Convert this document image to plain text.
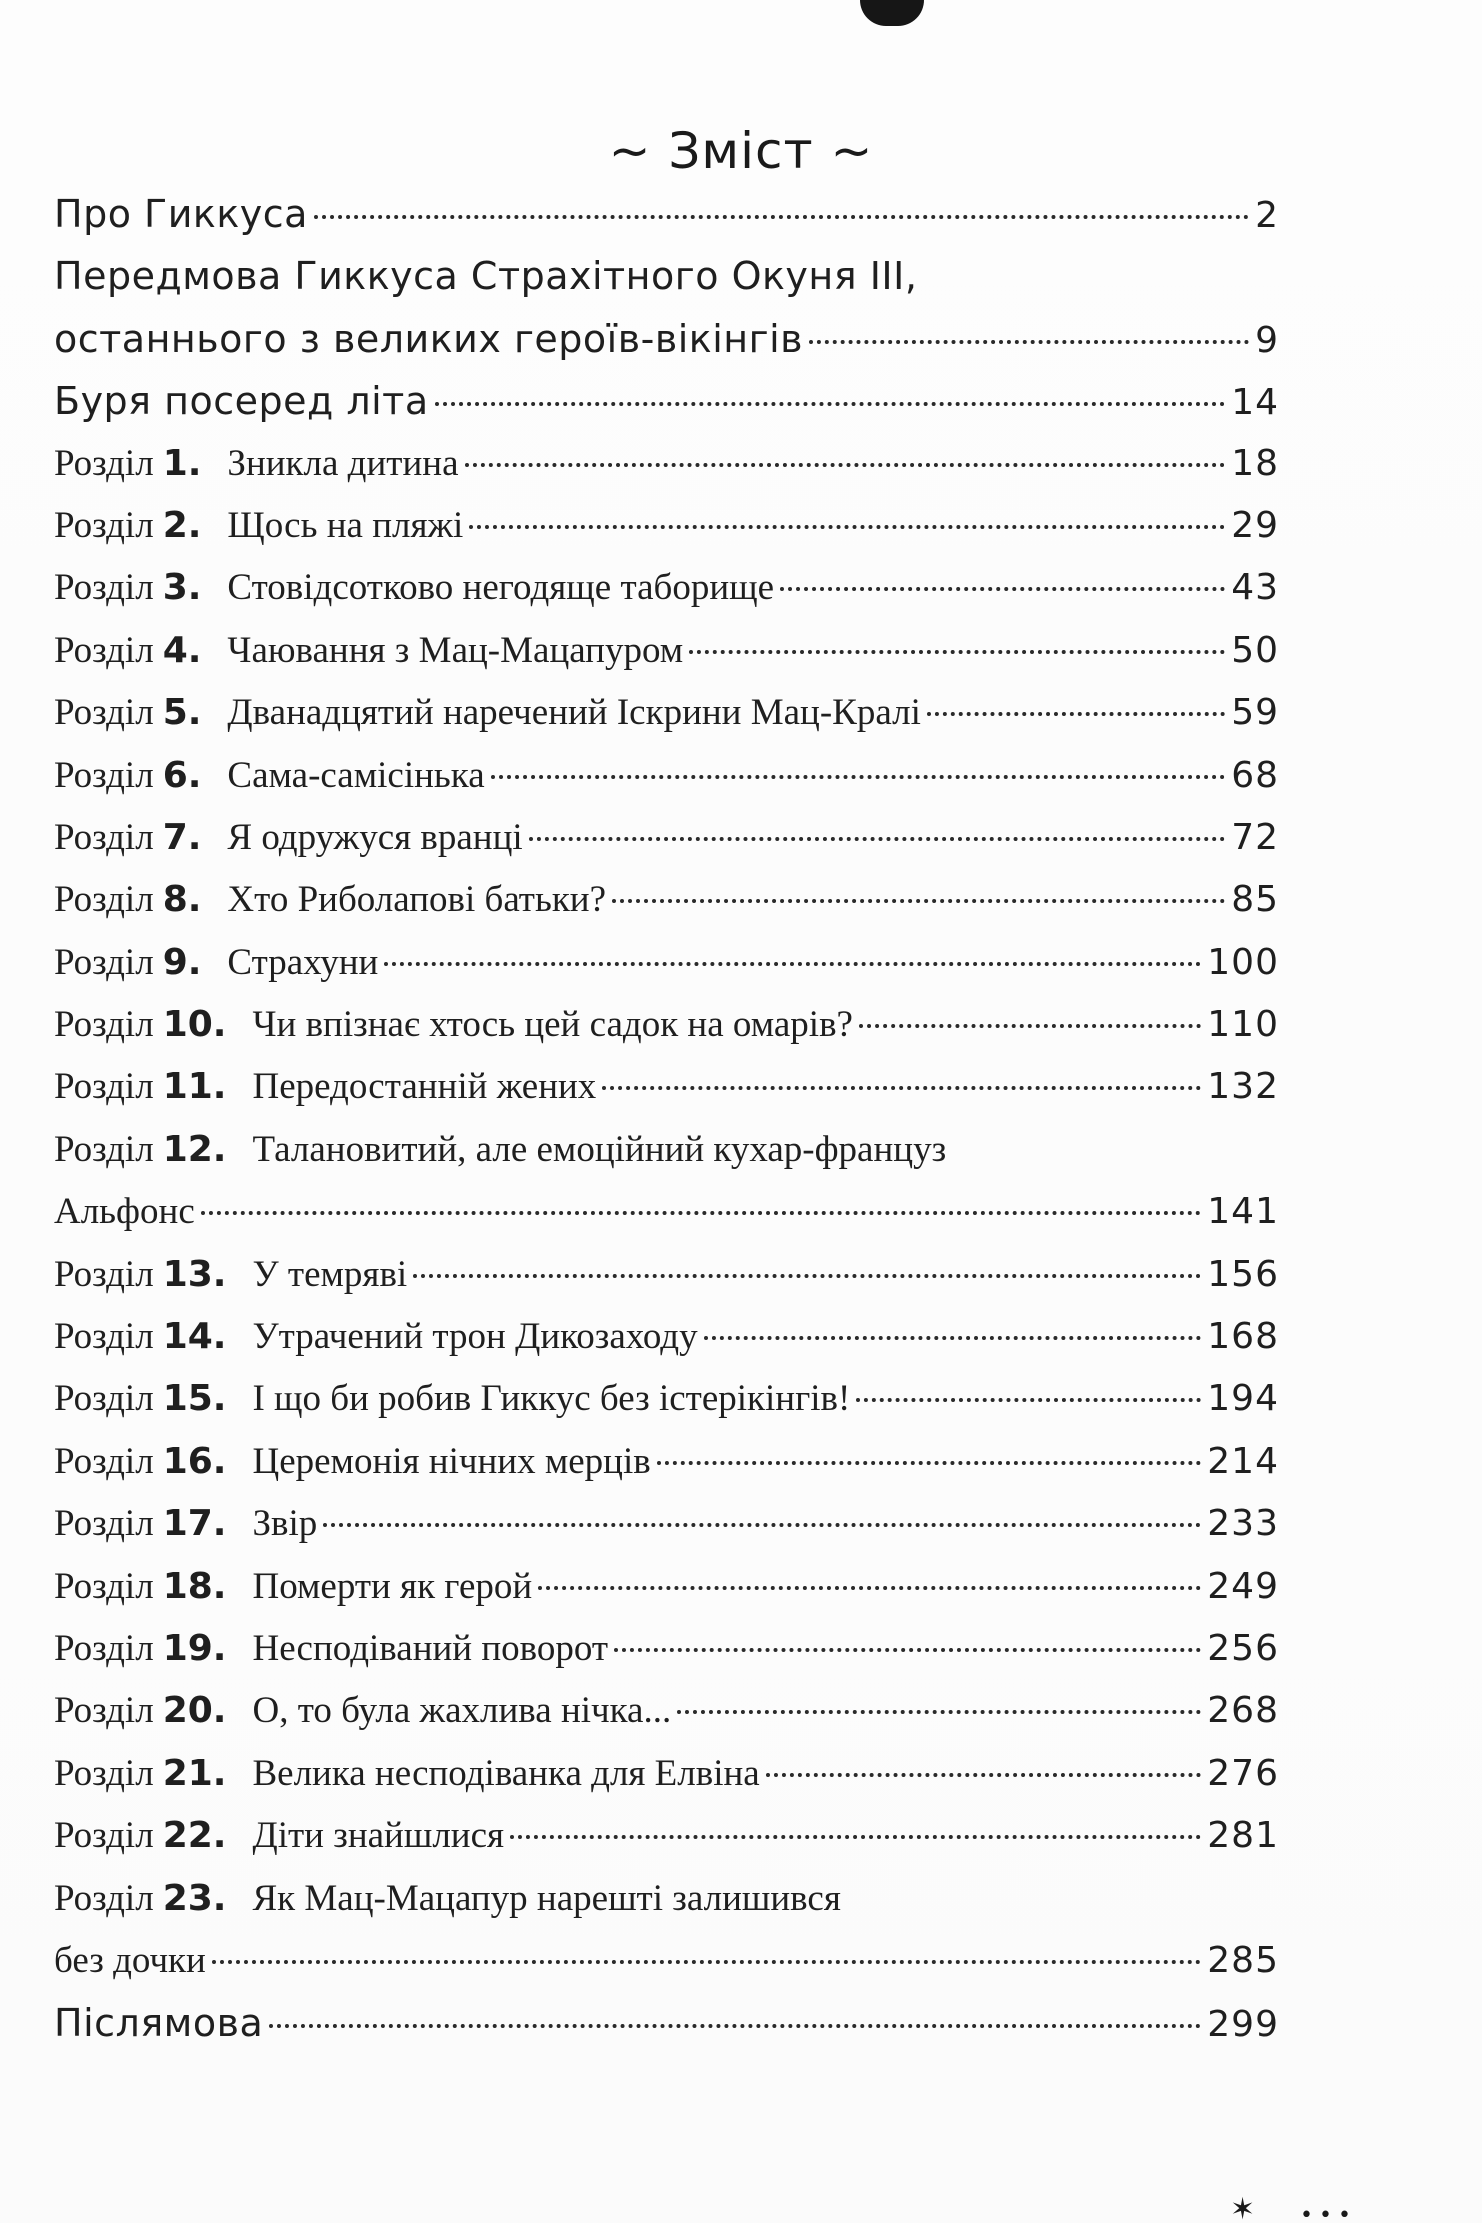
~ Зміст ~
Про Гиккуса	2
Передмова Гиккуса Страхітного Окуня ІІІ,
останнього з великих героїв-вікінгів	9
Буря посеред літа	14
Розділ 1. Зникла дитина	18
Розділ 2. Щось на пляжі	29
Розділ 3. Стовідсотково негодяще таборище	43
Розділ 4. Чаювання з Мац-Мацапуром	50
Розділ 5. Дванадцятий наречений Іскрини Мац-Кралі	59
Розділ 6. Сама-самісінька	68
Розділ 7. Я одружуся вранці	72
Розділ 8. Хто Риболапові батьки?	85
Розділ 9. Страхуни	100
Розділ 10. Чи впізнає хтось цей садок на омарів?	110
Розділ 11. Передостанній жених	132
Розділ 12. Талановитий, але емоційний кухар-француз
Альфонс	141
Розділ 13. У темряві	156
Розділ 14. Утрачений трон Дикозаходу	168
Розділ 15. І що би робив Гиккус без істерікінгів!	194
Розділ 16. Церемонія нічних мерців	214
Розділ 17. Звір	233
Розділ 18. Померти як герой	249
Розділ 19. Несподіваний поворот	256
Розділ 20. О, то була жахлива нічка...	268
Розділ 21. Велика несподіванка для Елвіна	276
Розділ 22. Діти знайшлися	281
Розділ 23. Як Мац-Мацапур нарешті залишився
без дочки	285
Післямова	299
✶ •••
